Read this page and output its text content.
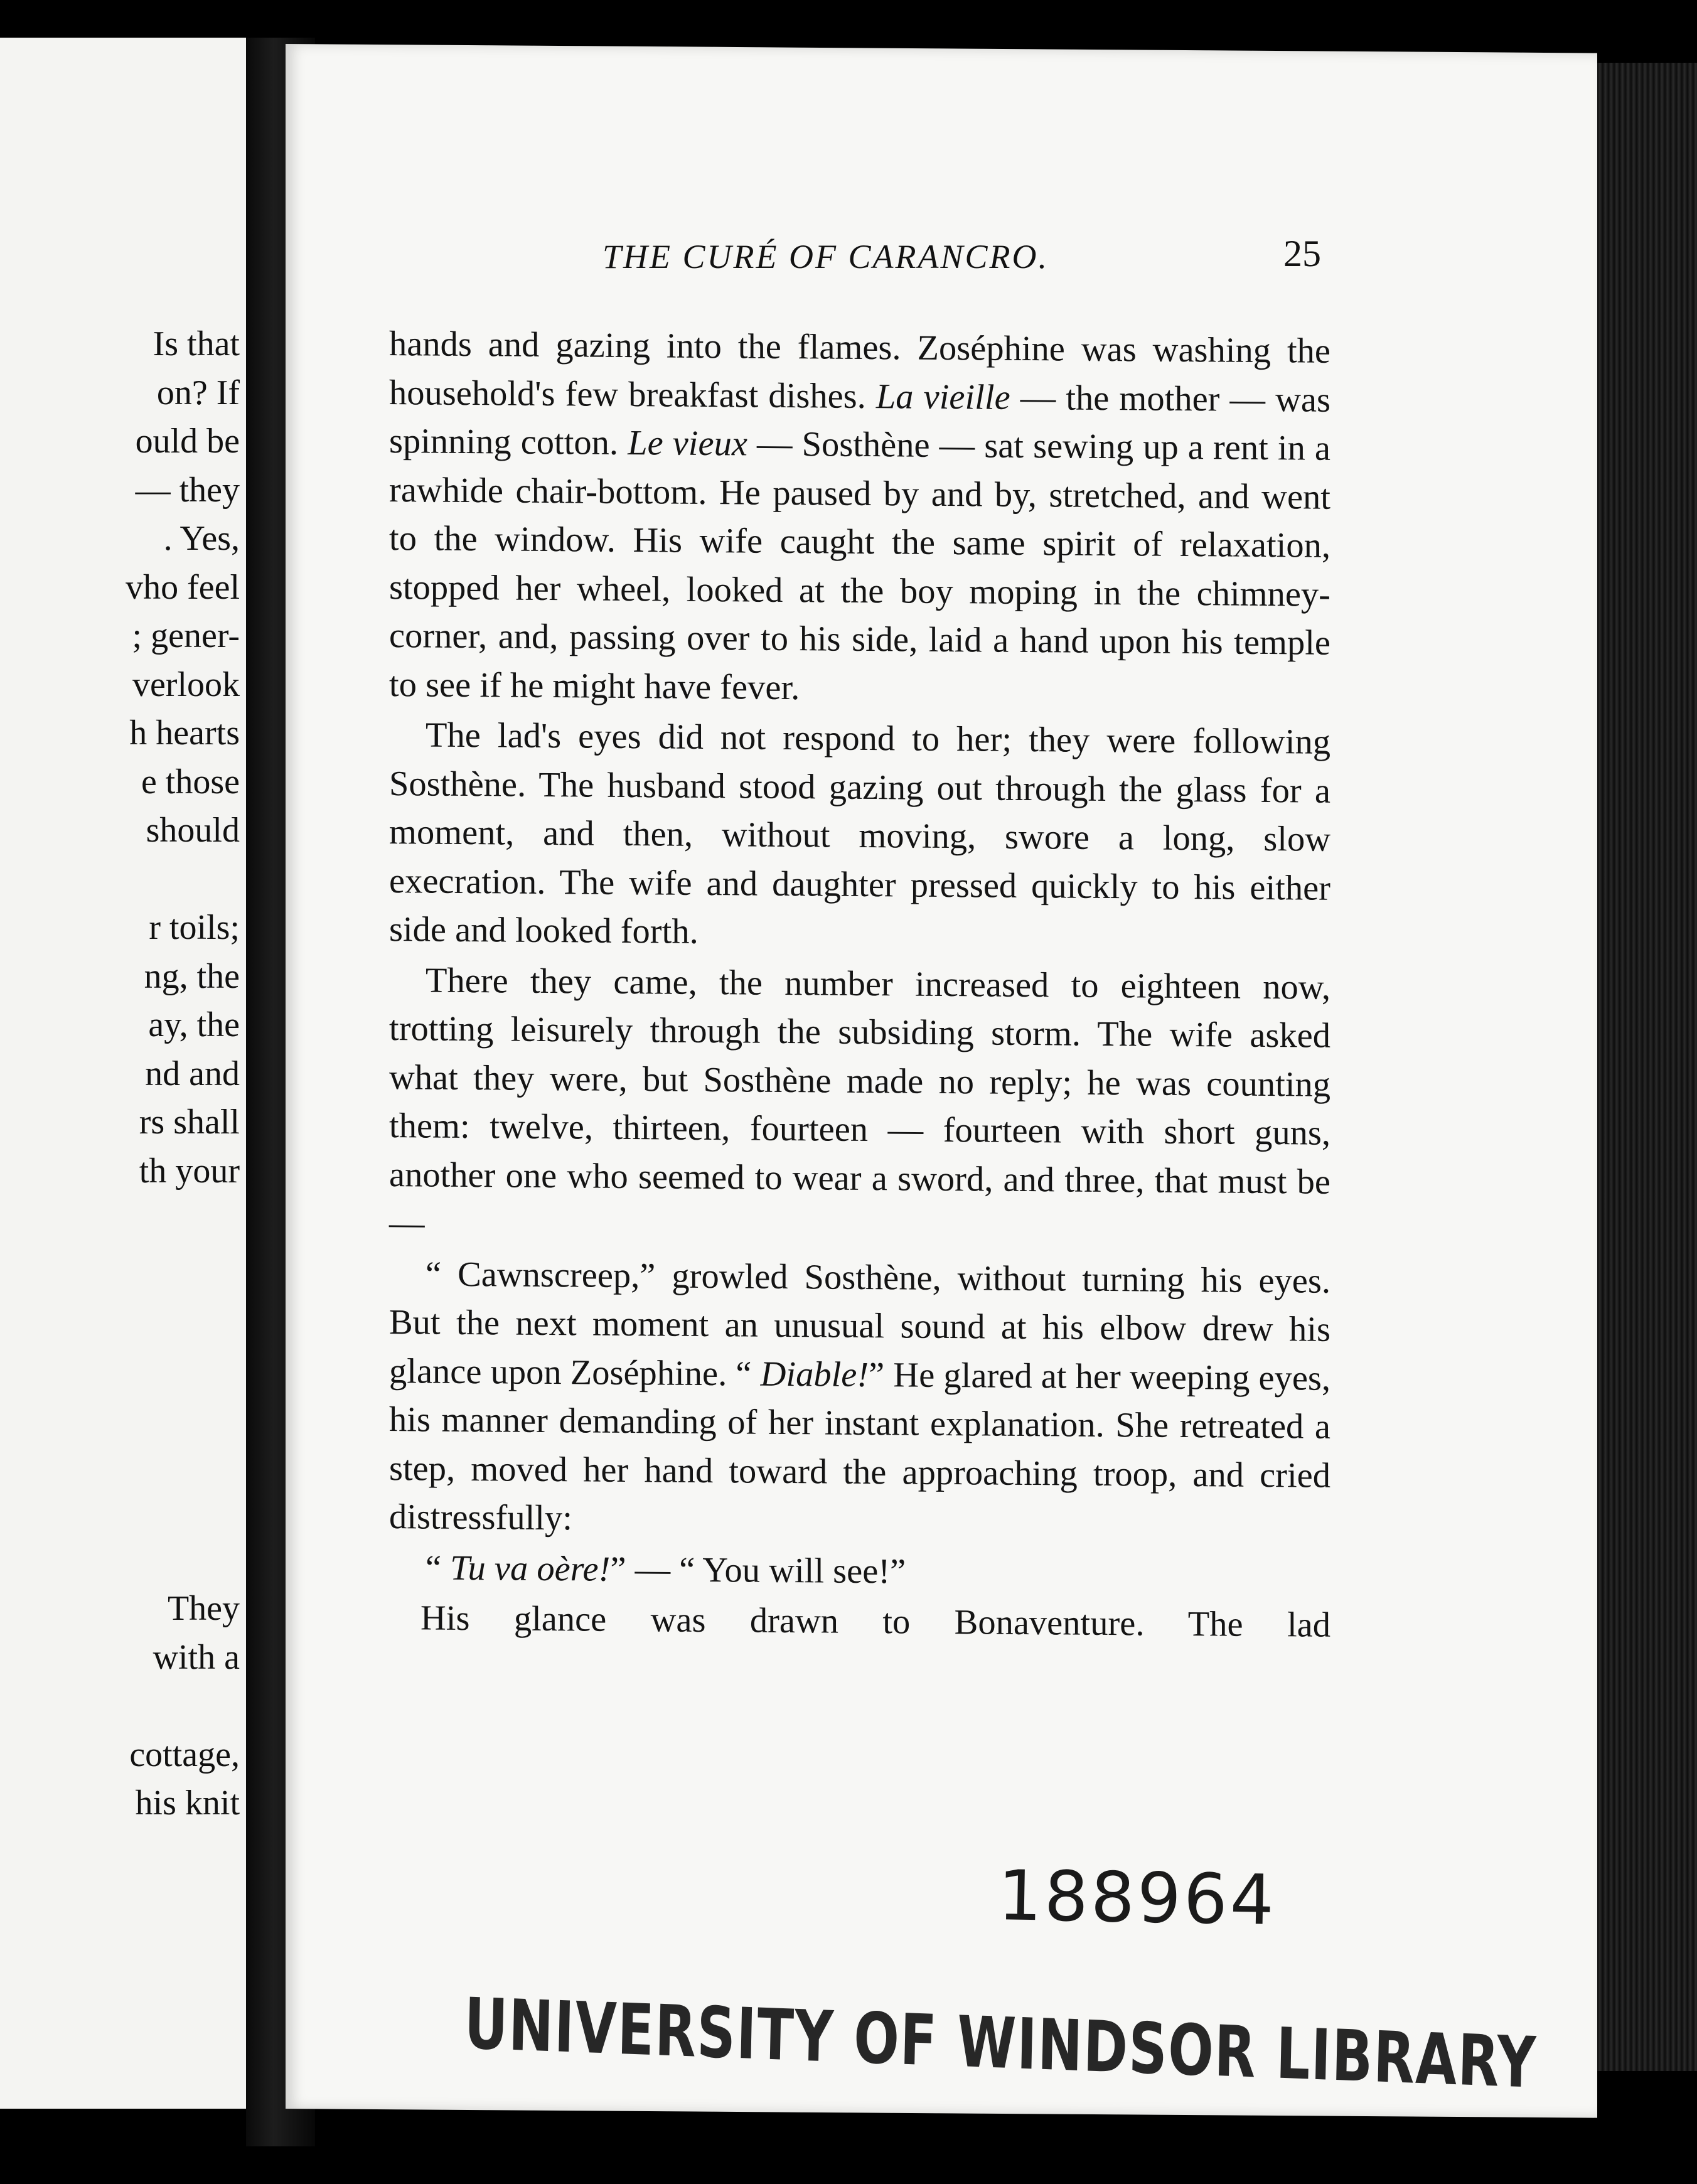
Is that
on? If
ould be
— they
. Yes,
vho feel
; gener-
verlook
h hearts
e those
should
r toils;
ng, the
ay, the
nd and
rs shall
th your
They
with a
cottage,
his knit
THE CURÉ OF CARANCRO.	25

hands and gazing into the flames. Zoséphine was washing the household's few breakfast dishes. La vieille — the mother — was spinning cotton. Le vieux — Sosthène — sat sewing up a rent in a rawhide chair-bottom. He paused by and by, stretched, and went to the window. His wife caught the same spirit of relaxation, stopped her wheel, looked at the boy moping in the chimney-corner, and, passing over to his side, laid a hand upon his temple to see if he might have fever.

The lad's eyes did not respond to her; they were following Sosthène. The husband stood gazing out through the glass for a moment, and then, without moving, swore a long, slow execration. The wife and daughter pressed quickly to his either side and looked forth.

There they came, the number increased to eighteen now, trotting leisurely through the subsiding storm. The wife asked what they were, but Sosthène made no reply; he was counting them: twelve, thirteen, fourteen — fourteen with short guns, another one who seemed to wear a sword, and three, that must be —

“ Cawnscreep,” growled Sosthène, without turning his eyes. But the next moment an unusual sound at his elbow drew his glance upon Zoséphine. “ Diable!” He glared at her weeping eyes, his manner demanding of her instant explanation. She retreated a step, moved her hand toward the approaching troop, and cried distressfully:

“ Tu va oère!” — “ You will see!”

His glance was drawn to Bonaventure. The lad

188964
UNIVERSITY OF WINDSOR LIBRARY
